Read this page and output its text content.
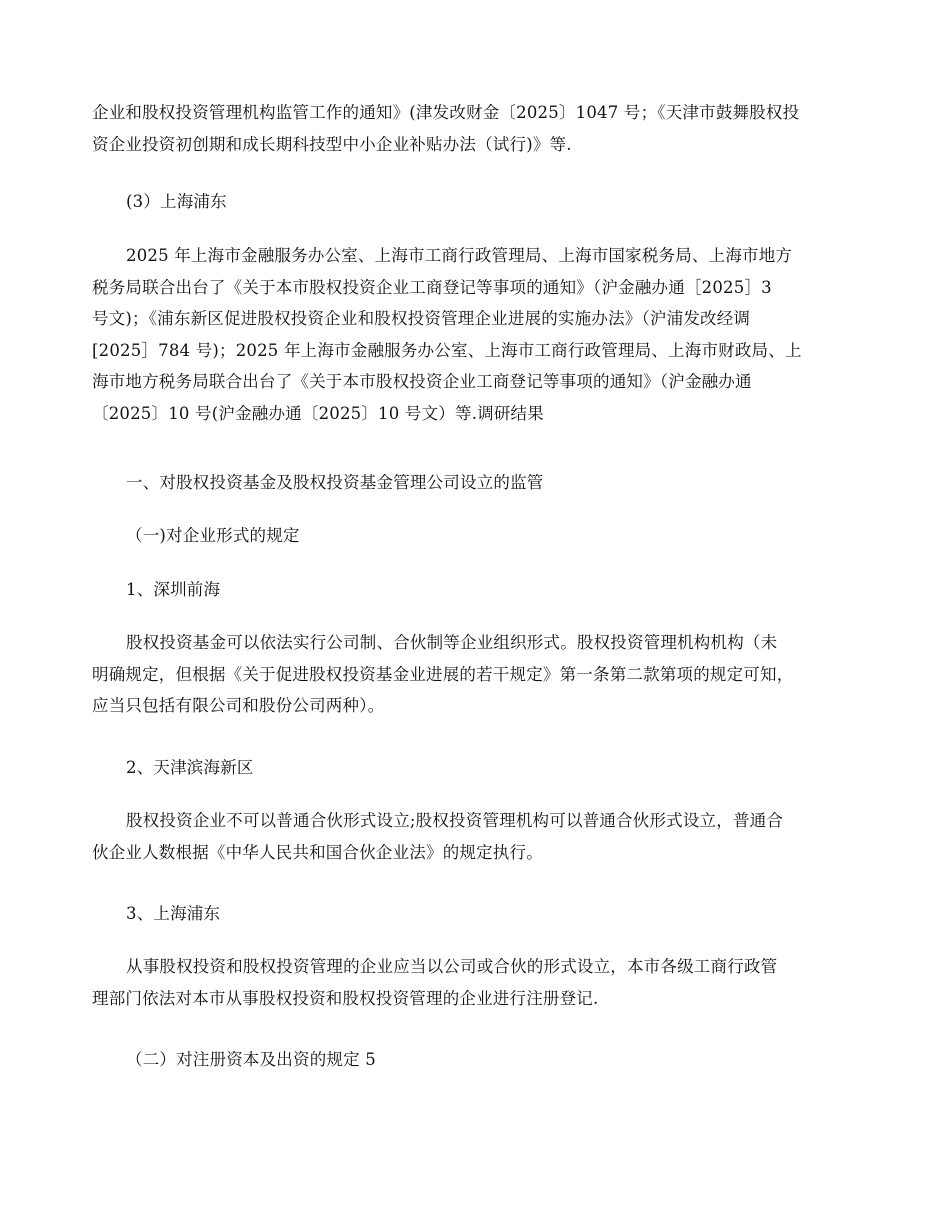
企业和股权投资管理机构监管工作的通知》(津发改财金〔2025〕1047 号；《天津市鼓舞股权投
资企业投资初创期和成长期科技型中小企业补贴办法（试行)》等.

(3）上海浦东

2025 年上海市金融服务办公室、上海市工商行政管理局、上海市国家税务局、上海市地方

税务局联合出台了《关于本市股权投资企业工商登记等事项的通知》（沪金融办通［2025］3
号文)；《浦东新区促进股权投资企业和股权投资管理企业进展的实施办法》（沪浦发改经调
[2025］784 号)；2025 年上海市金融服务办公室、上海市工商行政管理局、上海市财政局、上
海市地方税务局联合出台了《关于本市股权投资企业工商登记等事项的通知》（沪金融办通
〔2025〕10 号(沪金融办通〔2025〕10 号文）等.调研结果

一、对股权投资基金及股权投资基金管理公司设立的监管

（一)对企业形式的规定

1、深圳前海

股权投资基金可以依法实行公司制、合伙制等企业组织形式。股权投资管理机构机构（未

明确规定，但根据《关于促进股权投资基金业进展的若干规定》第一条第二款第项的规定可知，
应当只包括有限公司和股份公司两种）。

2、天津滨海新区

股权投资企业不可以普通合伙形式设立;股权投资管理机构可以普通合伙形式设立，普通合

伙企业人数根据《中华人民共和国合伙企业法》的规定执行。

3、上海浦东

从事股权投资和股权投资管理的企业应当以公司或合伙的形式设立，本市各级工商行政管

理部门依法对本市从事股权投资和股权投资管理的企业进行注册登记.

（二）对注册资本及出资的规定 5
